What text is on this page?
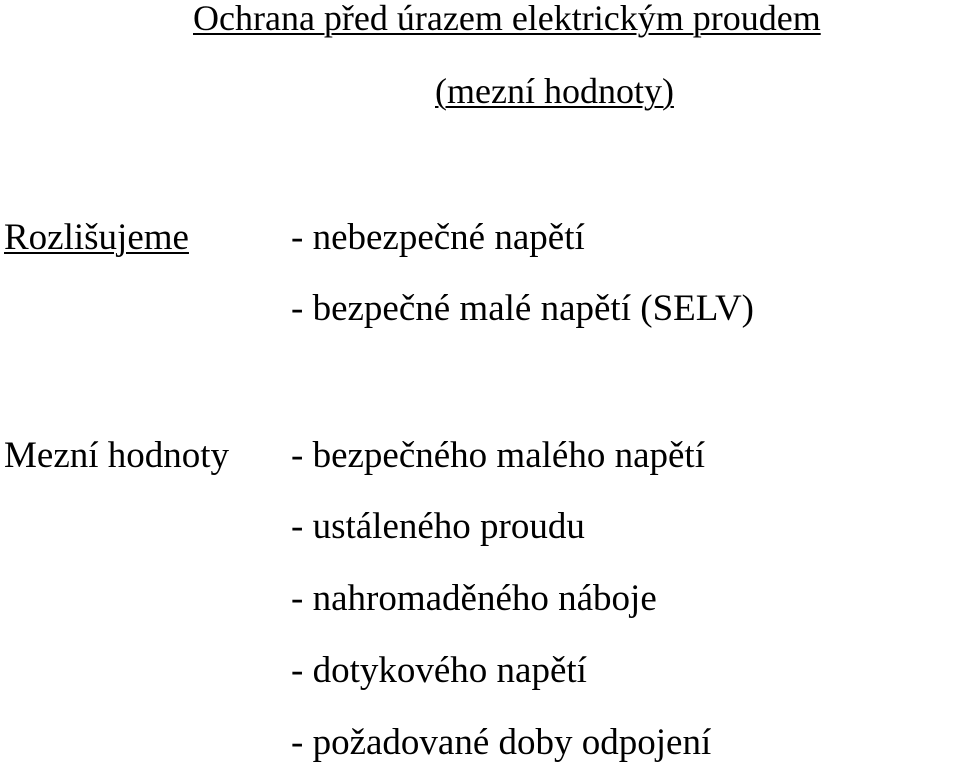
Ochrana před úrazem elektrickým proudem
(mezní hodnoty)
Rozlišujeme	- nebezpečné napětí
- bezpečné malé napětí (SELV)
Mezní hodnoty - bezpečného malého napětí
- ustáleného proudu
- nahromaděného náboje
- dotykového napětí
- požadované doby odpojení
